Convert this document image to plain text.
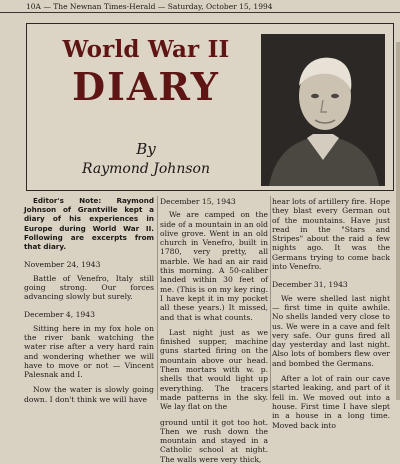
10A — The Newnan Times-Herald — Saturday, October 15, 1994
World War II
DIARY
By
Raymond Johnson

Editor's Note: Raymond Johnson of Grantville kept a diary of his experiences in Europe during World War II. Following are excerpts from that diary.

November 24, 1943

Battle of Venefro, Italy still going strong. Our forces advancing slowly but surely.

December 4, 1943

Sitting here in my fox hole on the river bank watching the water rise after a very hard rain and wondering whether we will have to move or not — Vincent Palesnak and I.

Now the water is slowly going down. I don't think we will have

December 15, 1943

We are camped on the side of a mountain in an old olive grove. Went in an old church in Venefro, built in 1780, very pretty, all marble. We had an air raid this morning. A 50-caliber landed within 30 feet of me. (This is on my key ring. I have kept it in my pocket all these years.) It missed, and that is what counts.

Last night just as we finished supper, machine guns started firing on the mountain above our head. Then mortars with w. p. shells that would light up everything. The tracers made patterns in the sky. We lay flat on the

ground until it got too hot. Then we rush down the mountain and stayed in a Catholic school at night. The walls were very thick,

hear lots of artillery fire. Hope they blast every German out of the mountains. Have just read in the "Stars and Stripes" about the raid a few nights ago. It was the Germans trying to come back into Venefro.

December 31, 1943

We were shelled last night — first time in quite awhile. No shells landed very close to us. We were in a cave and felt very safe. Our guns fired all day yesterday and last night. Also lots of bombers flew over and bombed the Germans.

After a lot of rain our cave started leaking, and part of it fell in. We moved out into a house. First time I have slept in a house in a long time. Moved back into
